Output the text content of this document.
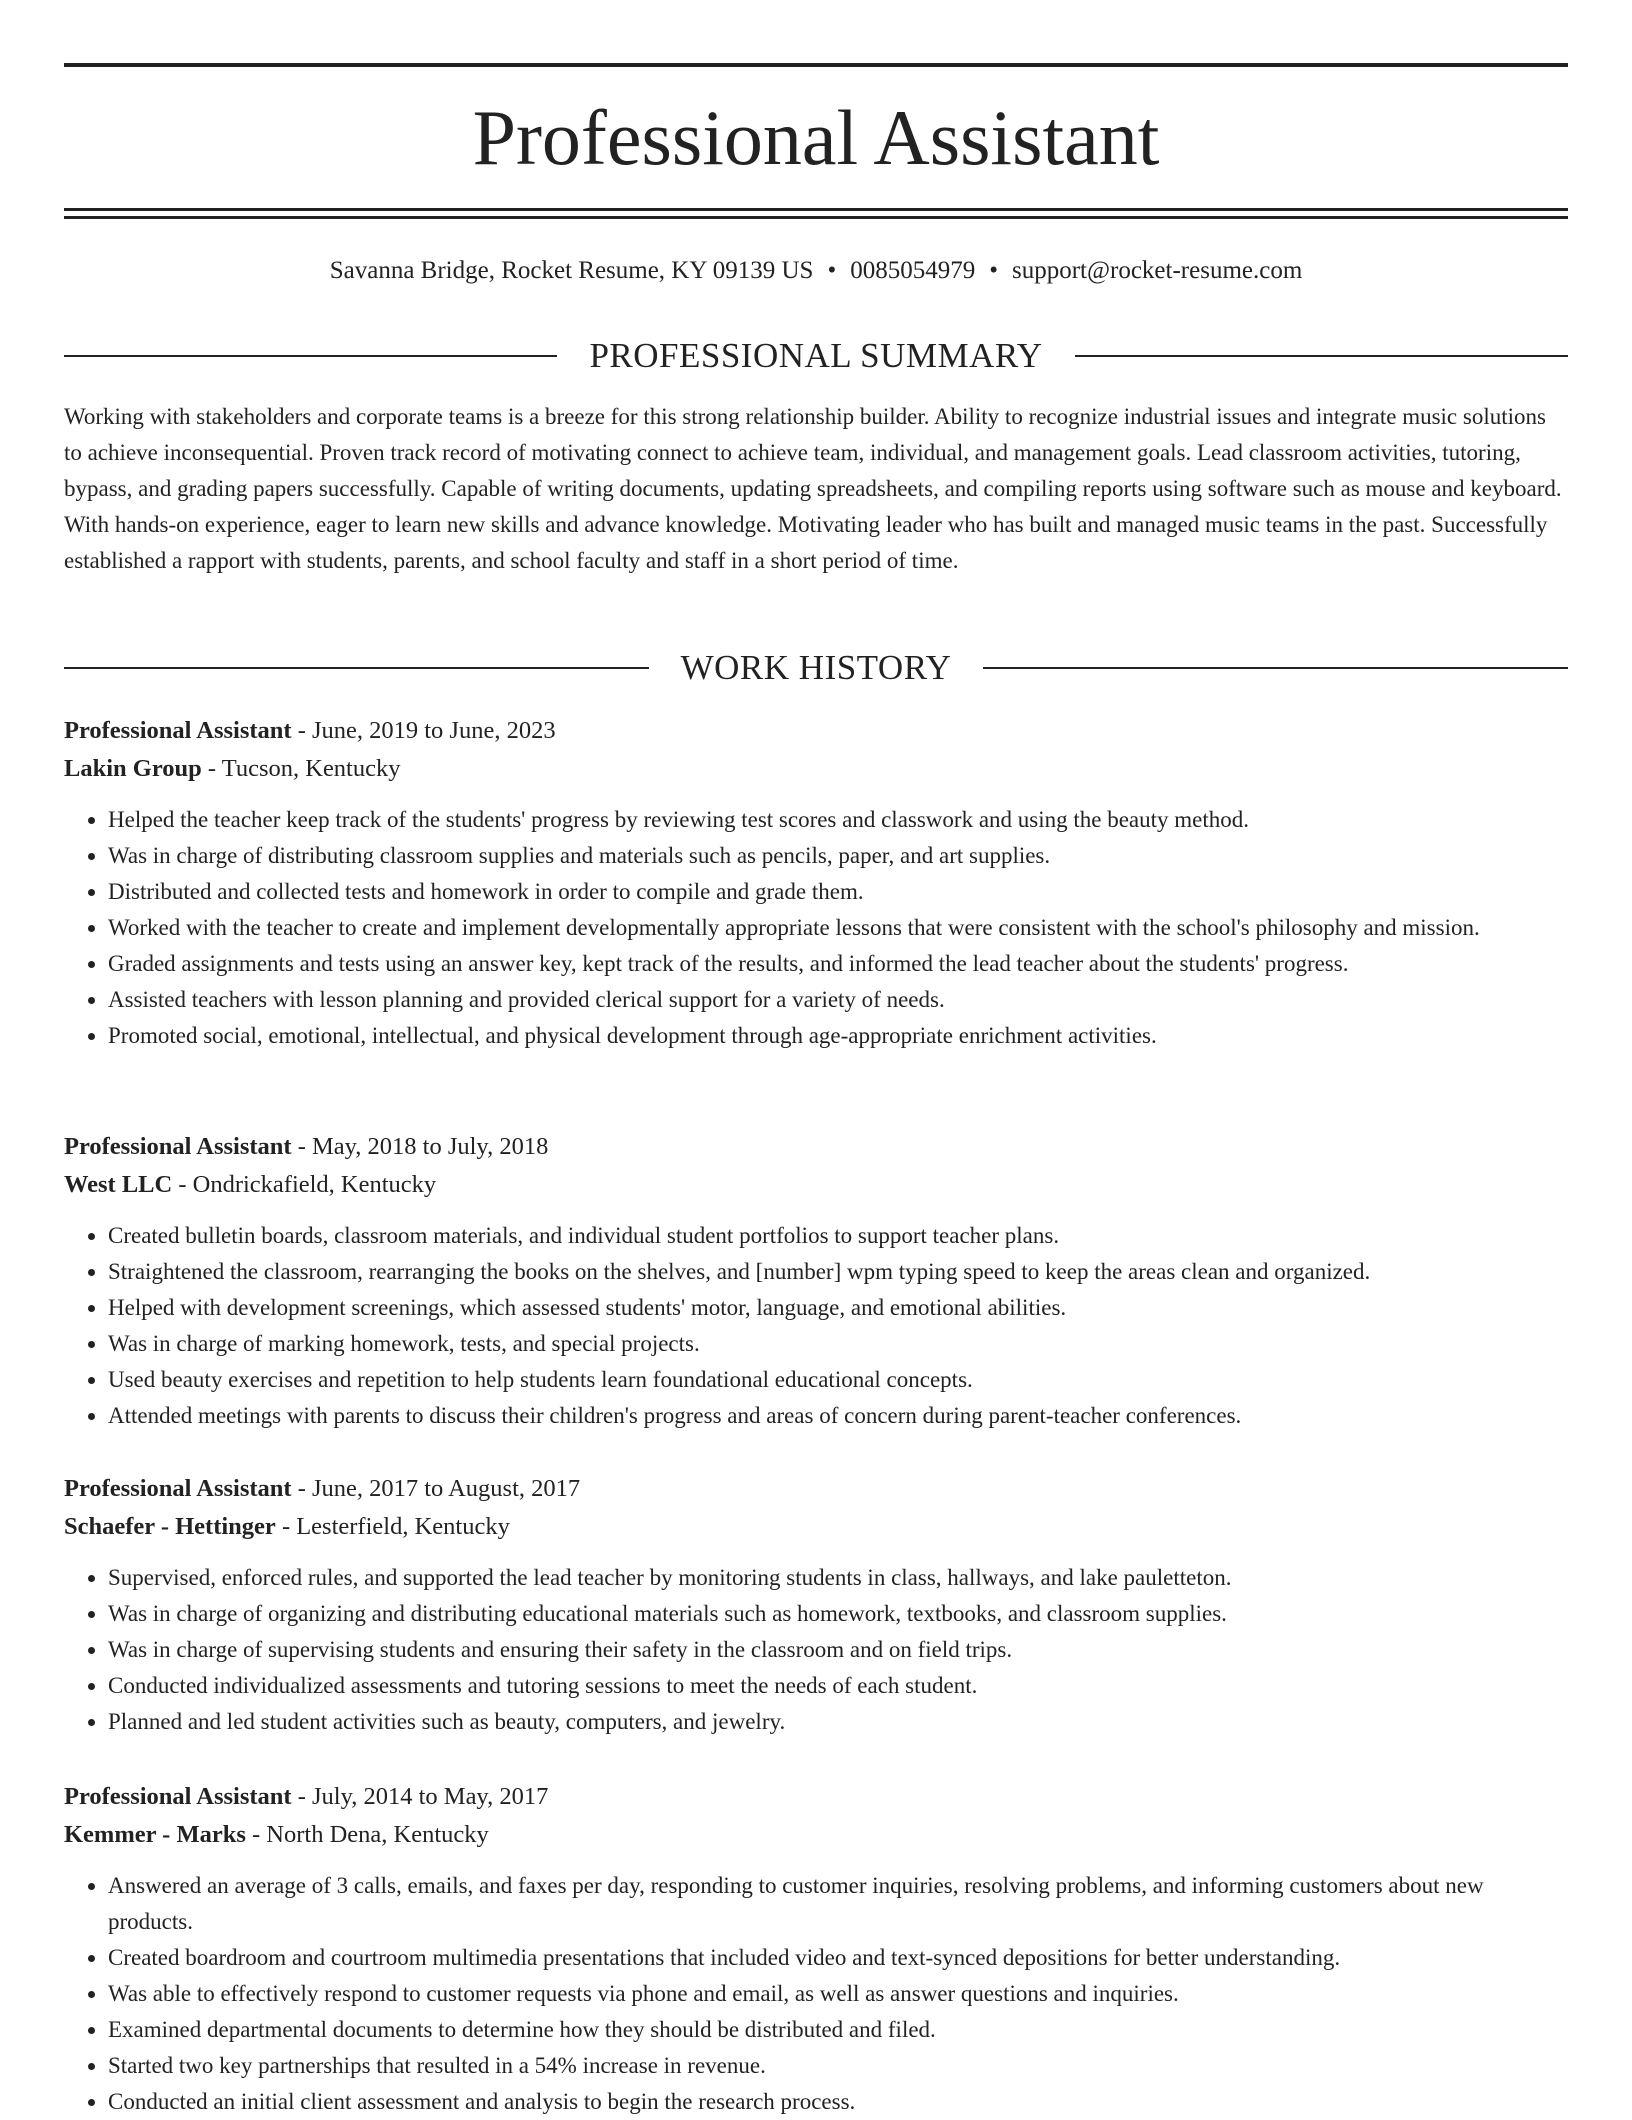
Professional Assistant
Savanna Bridge, Rocket Resume, KY 09139 US • 0085054979 • support@rocket-resume.com
PROFESSIONAL SUMMARY

Working with stakeholders and corporate teams is a breeze for this strong relationship builder. Ability to recognize industrial issues and integrate music solutions to achieve inconsequential. Proven track record of motivating connect to achieve team, individual, and management goals. Lead classroom activities, tutoring, bypass, and grading papers successfully. Capable of writing documents, updating spreadsheets, and compiling reports using software such as mouse and keyboard. With hands-on experience, eager to learn new skills and advance knowledge. Motivating leader who has built and managed music teams in the past. Successfully established a rapport with students, parents, and school faculty and staff in a short period of time.

WORK HISTORY
Professional Assistant - June, 2019 to June, 2023
Lakin Group - Tucson, Kentucky
• Helped the teacher keep track of the students' progress by reviewing test scores and classwork and using the beauty method.
• Was in charge of distributing classroom supplies and materials such as pencils, paper, and art supplies.
• Distributed and collected tests and homework in order to compile and grade them.
• Worked with the teacher to create and implement developmentally appropriate lessons that were consistent with the school's philosophy and mission.
• Graded assignments and tests using an answer key, kept track of the results, and informed the lead teacher about the students' progress.
• Assisted teachers with lesson planning and provided clerical support for a variety of needs.
• Promoted social, emotional, intellectual, and physical development through age-appropriate enrichment activities.
Professional Assistant - May, 2018 to July, 2018
West LLC - Ondrickafield, Kentucky
• Created bulletin boards, classroom materials, and individual student portfolios to support teacher plans.
• Straightened the classroom, rearranging the books on the shelves, and [number] wpm typing speed to keep the areas clean and organized.
• Helped with development screenings, which assessed students' motor, language, and emotional abilities.
• Was in charge of marking homework, tests, and special projects.
• Used beauty exercises and repetition to help students learn foundational educational concepts.
• Attended meetings with parents to discuss their children's progress and areas of concern during parent-teacher conferences.
Professional Assistant - June, 2017 to August, 2017
Schaefer - Hettinger - Lesterfield, Kentucky
• Supervised, enforced rules, and supported the lead teacher by monitoring students in class, hallways, and lake pauletteton.
• Was in charge of organizing and distributing educational materials such as homework, textbooks, and classroom supplies.
• Was in charge of supervising students and ensuring their safety in the classroom and on field trips.
• Conducted individualized assessments and tutoring sessions to meet the needs of each student.
• Planned and led student activities such as beauty, computers, and jewelry.
Professional Assistant - July, 2014 to May, 2017
Kemmer - Marks - North Dena, Kentucky
• Answered an average of 3 calls, emails, and faxes per day, responding to customer inquiries, resolving problems, and informing customers about new products.
• Created boardroom and courtroom multimedia presentations that included video and text-synced depositions for better understanding.
• Was able to effectively respond to customer requests via phone and email, as well as answer questions and inquiries.
• Examined departmental documents to determine how they should be distributed and filed.
• Started two key partnerships that resulted in a 54% increase in revenue.
• Conducted an initial client assessment and analysis to begin the research process.
